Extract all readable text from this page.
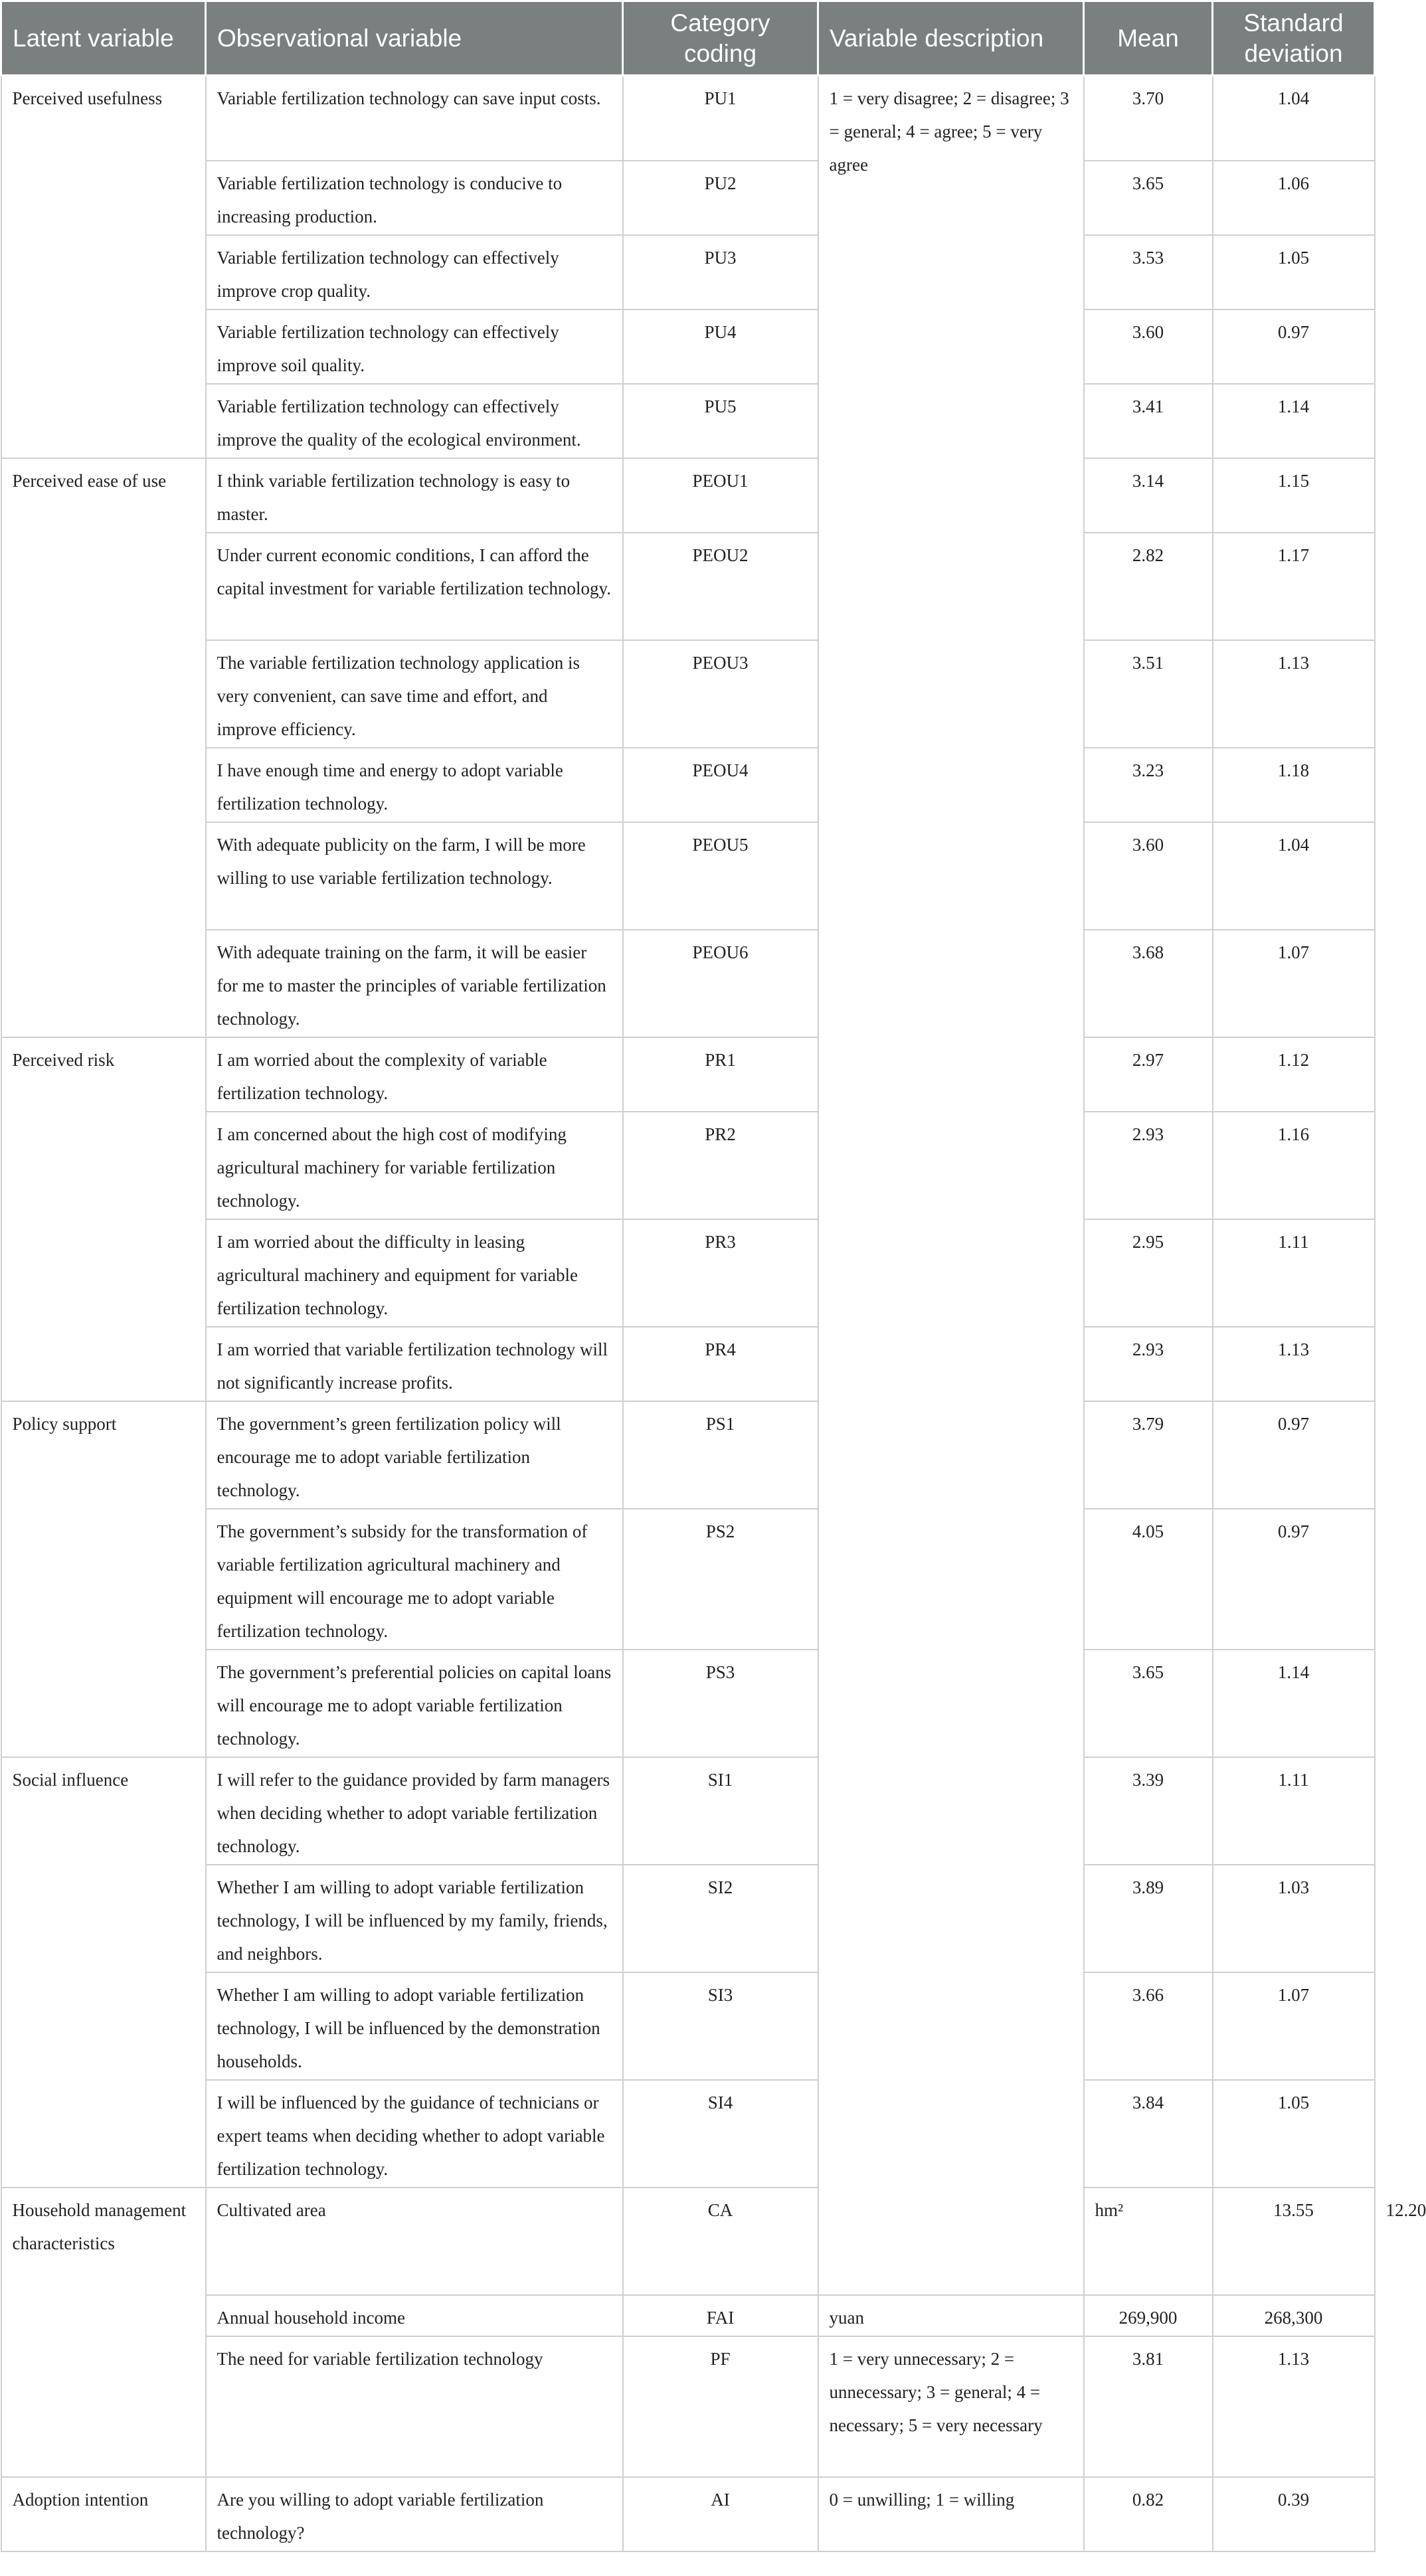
Latent variable	Observational variable	Category coding	Variable description	Mean	Standard deviation	
Perceived usefulness	Variable fertilization technology can save input costs.	PU1	1 = very disagree; 2 = disagree; 3 = general; 4 = agree; 5 = very agree	3.70	1.04	
	Variable fertilization technology is conducive to increasing production.	PU2		3.65	1.06	
	Variable fertilization technology can effectively improve crop quality.	PU3		3.53	1.05	
	Variable fertilization technology can effectively improve soil quality.	PU4		3.60	0.97	
	Variable fertilization technology can effectively improve the quality of the ecological environment.	PU5		3.41	1.14	
Perceived ease of use	I think variable fertilization technology is easy to master.	PEOU1		3.14	1.15	
	Under current economic conditions, I can afford the capital investment for variable fertilization technology.	PEOU2		2.82	1.17	
	The variable fertilization technology application is very convenient, can save time and effort, and improve efficiency.	PEOU3		3.51	1.13	
	I have enough time and energy to adopt variable fertilization technology.	PEOU4		3.23	1.18	
	With adequate publicity on the farm, I will be more willing to use variable fertilization technology.	PEOU5		3.60	1.04	
	With adequate training on the farm, it will be easier for me to master the principles of variable fertilization technology.	PEOU6		3.68	1.07	
Perceived risk	I am worried about the complexity of variable fertilization technology.	PR1		2.97	1.12	
	I am concerned about the high cost of modifying agricultural machinery for variable fertilization technology.	PR2		2.93	1.16	
	I am worried about the difficulty in leasing agricultural machinery and equipment for variable fertilization technology.	PR3		2.95	1.11	
	I am worried that variable fertilization technology will not significantly increase profits.	PR4		2.93	1.13	
Policy support	The government’s green fertilization policy will encourage me to adopt variable fertilization technology.	PS1		3.79	0.97	
	The government’s subsidy for the transformation of variable fertilization agricultural machinery and equipment will encourage me to adopt variable fertilization technology.	PS2		4.05	0.97	
	The government’s preferential policies on capital loans will encourage me to adopt variable fertilization technology.	PS3		3.65	1.14	
Social influence	I will refer to the guidance provided by farm managers when deciding whether to adopt variable fertilization technology.	SI1		3.39	1.11	
	Whether I am willing to adopt variable fertilization technology, I will be influenced by my family, friends, and neighbors.	SI2		3.89	1.03	
	Whether I am willing to adopt variable fertilization technology, I will be influenced by the demonstration households.	SI3		3.66	1.07	
	I will be influenced by the guidance of technicians or expert teams when deciding whether to adopt variable fertilization technology.	SI4		3.84	1.05	
Household management characteristics	Cultivated area	CA		hm²	13.55	12.20
	Annual household income	FAI	yuan	269,900	268,300	
	The need for variable fertilization technology	PF	1 = very unnecessary; 2 = unnecessary; 3 = general; 4 = necessary; 5 = very necessary	3.81	1.13	
Adoption intention	Are you willing to adopt variable fertilization technology?	AI	0 = unwilling; 1 = willing	0.82	0.39	
